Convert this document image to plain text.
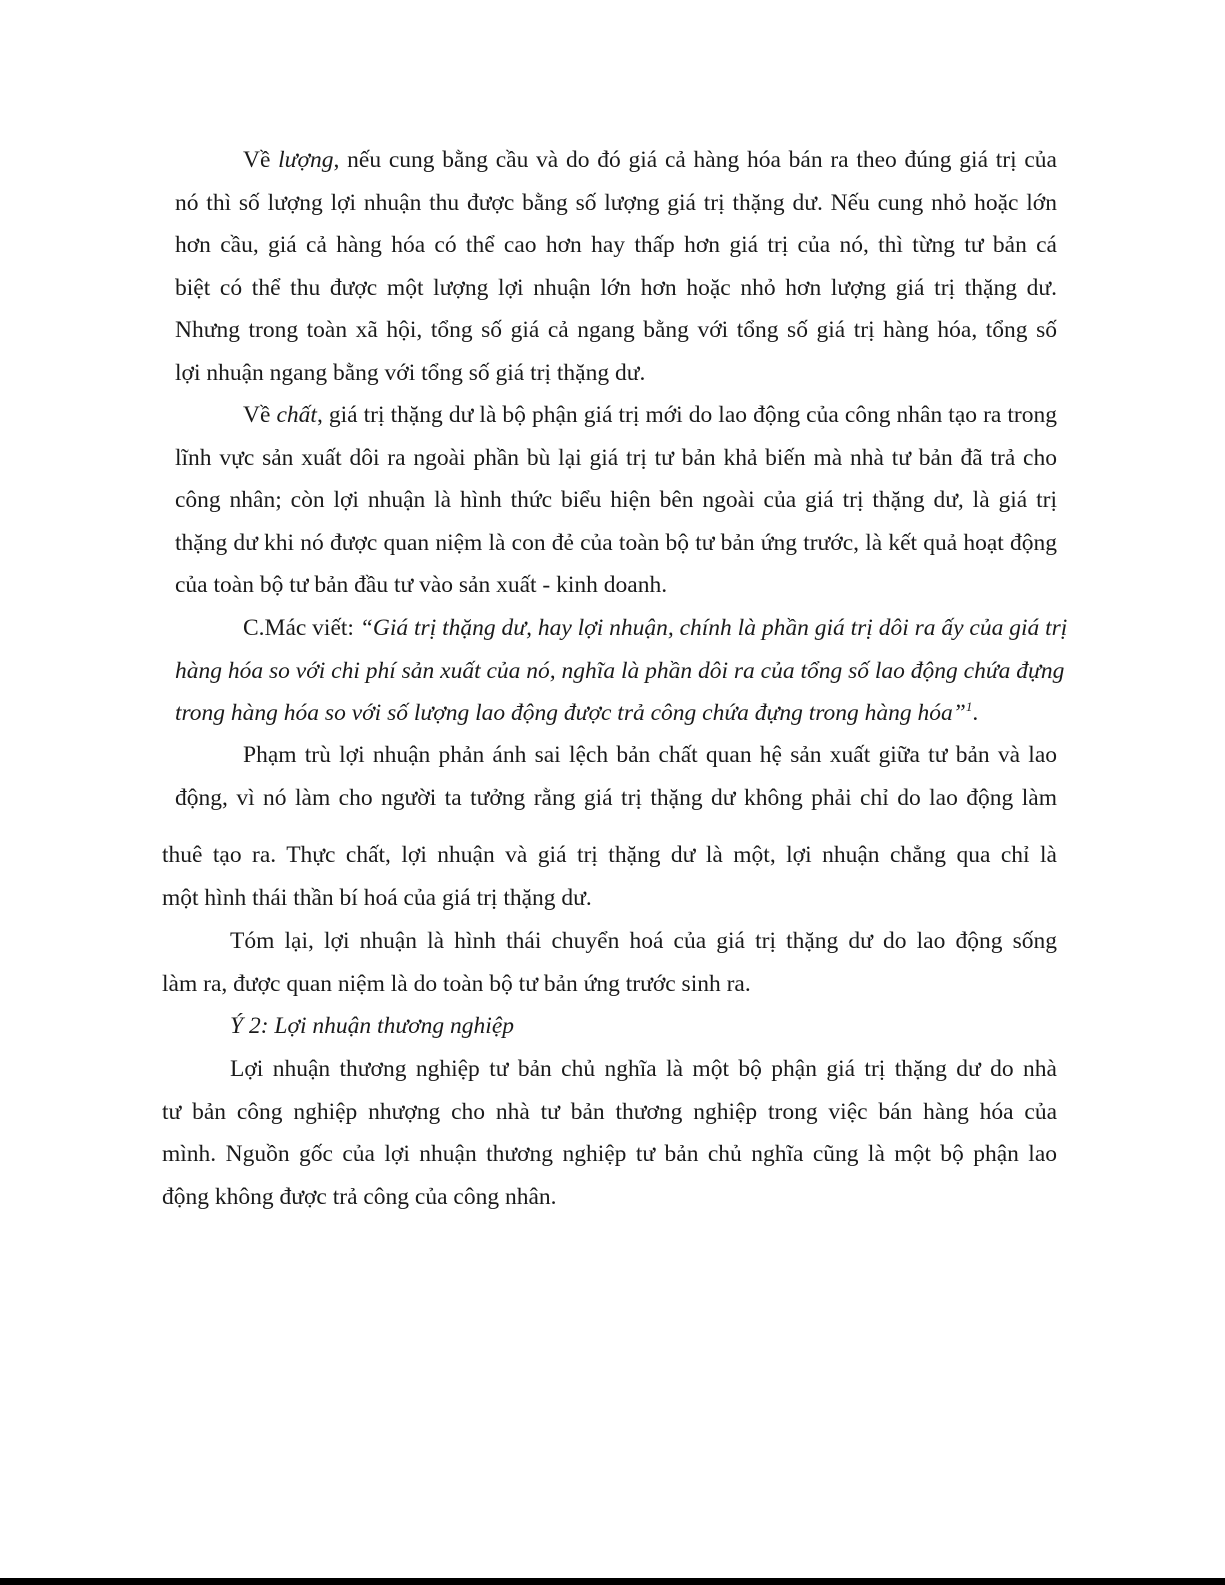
Về lượng, nếu cung bằng cầu và do đó giá cả hàng hóa bán ra theo đúng giá trị của
nó thì số lượng lợi nhuận thu được bằng số lượng giá trị thặng dư. Nếu cung nhỏ hoặc lớn
hơn cầu, giá cả hàng hóa có thể cao hơn hay thấp hơn giá trị của nó, thì từng tư bản cá
biệt có thể thu được một lượng lợi nhuận lớn hơn hoặc nhỏ hơn lượng giá trị thặng dư.
Nhưng trong toàn xã hội, tổng số giá cả ngang bằng với tổng số giá trị hàng hóa, tổng số
lợi nhuận ngang bằng với tổng số giá trị thặng dư.
Về chất, giá trị thặng dư là bộ phận giá trị mới do lao động của công nhân tạo ra trong
lĩnh vực sản xuất dôi ra ngoài phần bù lại giá trị tư bản khả biến mà nhà tư bản đã trả cho
công nhân; còn lợi nhuận là hình thức biểu hiện bên ngoài của giá trị thặng dư, là giá trị
thặng dư khi nó được quan niệm là con đẻ của toàn bộ tư bản ứng trước, là kết quả hoạt động
của toàn bộ tư bản đầu tư vào sản xuất - kinh doanh.
C.Mác viết: “Giá trị thặng dư, hay lợi nhuận, chính là phần giá trị dôi ra ấy của giá trị
hàng hóa so với chi phí sản xuất của nó, nghĩa là phần dôi ra của tổng số lao động chứa đựng
trong hàng hóa so với số lượng lao động được trả công chứa đựng trong hàng hóa”$^1$.
Phạm trù lợi nhuận phản ánh sai lệch bản chất quan hệ sản xuất giữa tư bản và lao
động, vì nó làm cho người ta tưởng rằng giá trị thặng dư không phải chỉ do lao động làm
thuê tạo ra. Thực chất, lợi nhuận và giá trị thặng dư là một, lợi nhuận chẳng qua chỉ là
một hình thái thần bí hoá của giá trị thặng dư.
Tóm lại, lợi nhuận là hình thái chuyển hoá của giá trị thặng dư do lao động sống
làm ra, được quan niệm là do toàn bộ tư bản ứng trước sinh ra.
Ý 2: Lợi nhuận thương nghiệp
Lợi nhuận thương nghiệp tư bản chủ nghĩa là một bộ phận giá trị thặng dư do nhà
tư bản công nghiệp nhượng cho nhà tư bản thương nghiệp trong việc bán hàng hóa của
mình. Nguồn gốc của lợi nhuận thương nghiệp tư bản chủ nghĩa cũng là một bộ phận lao
động không được trả công của công nhân.
